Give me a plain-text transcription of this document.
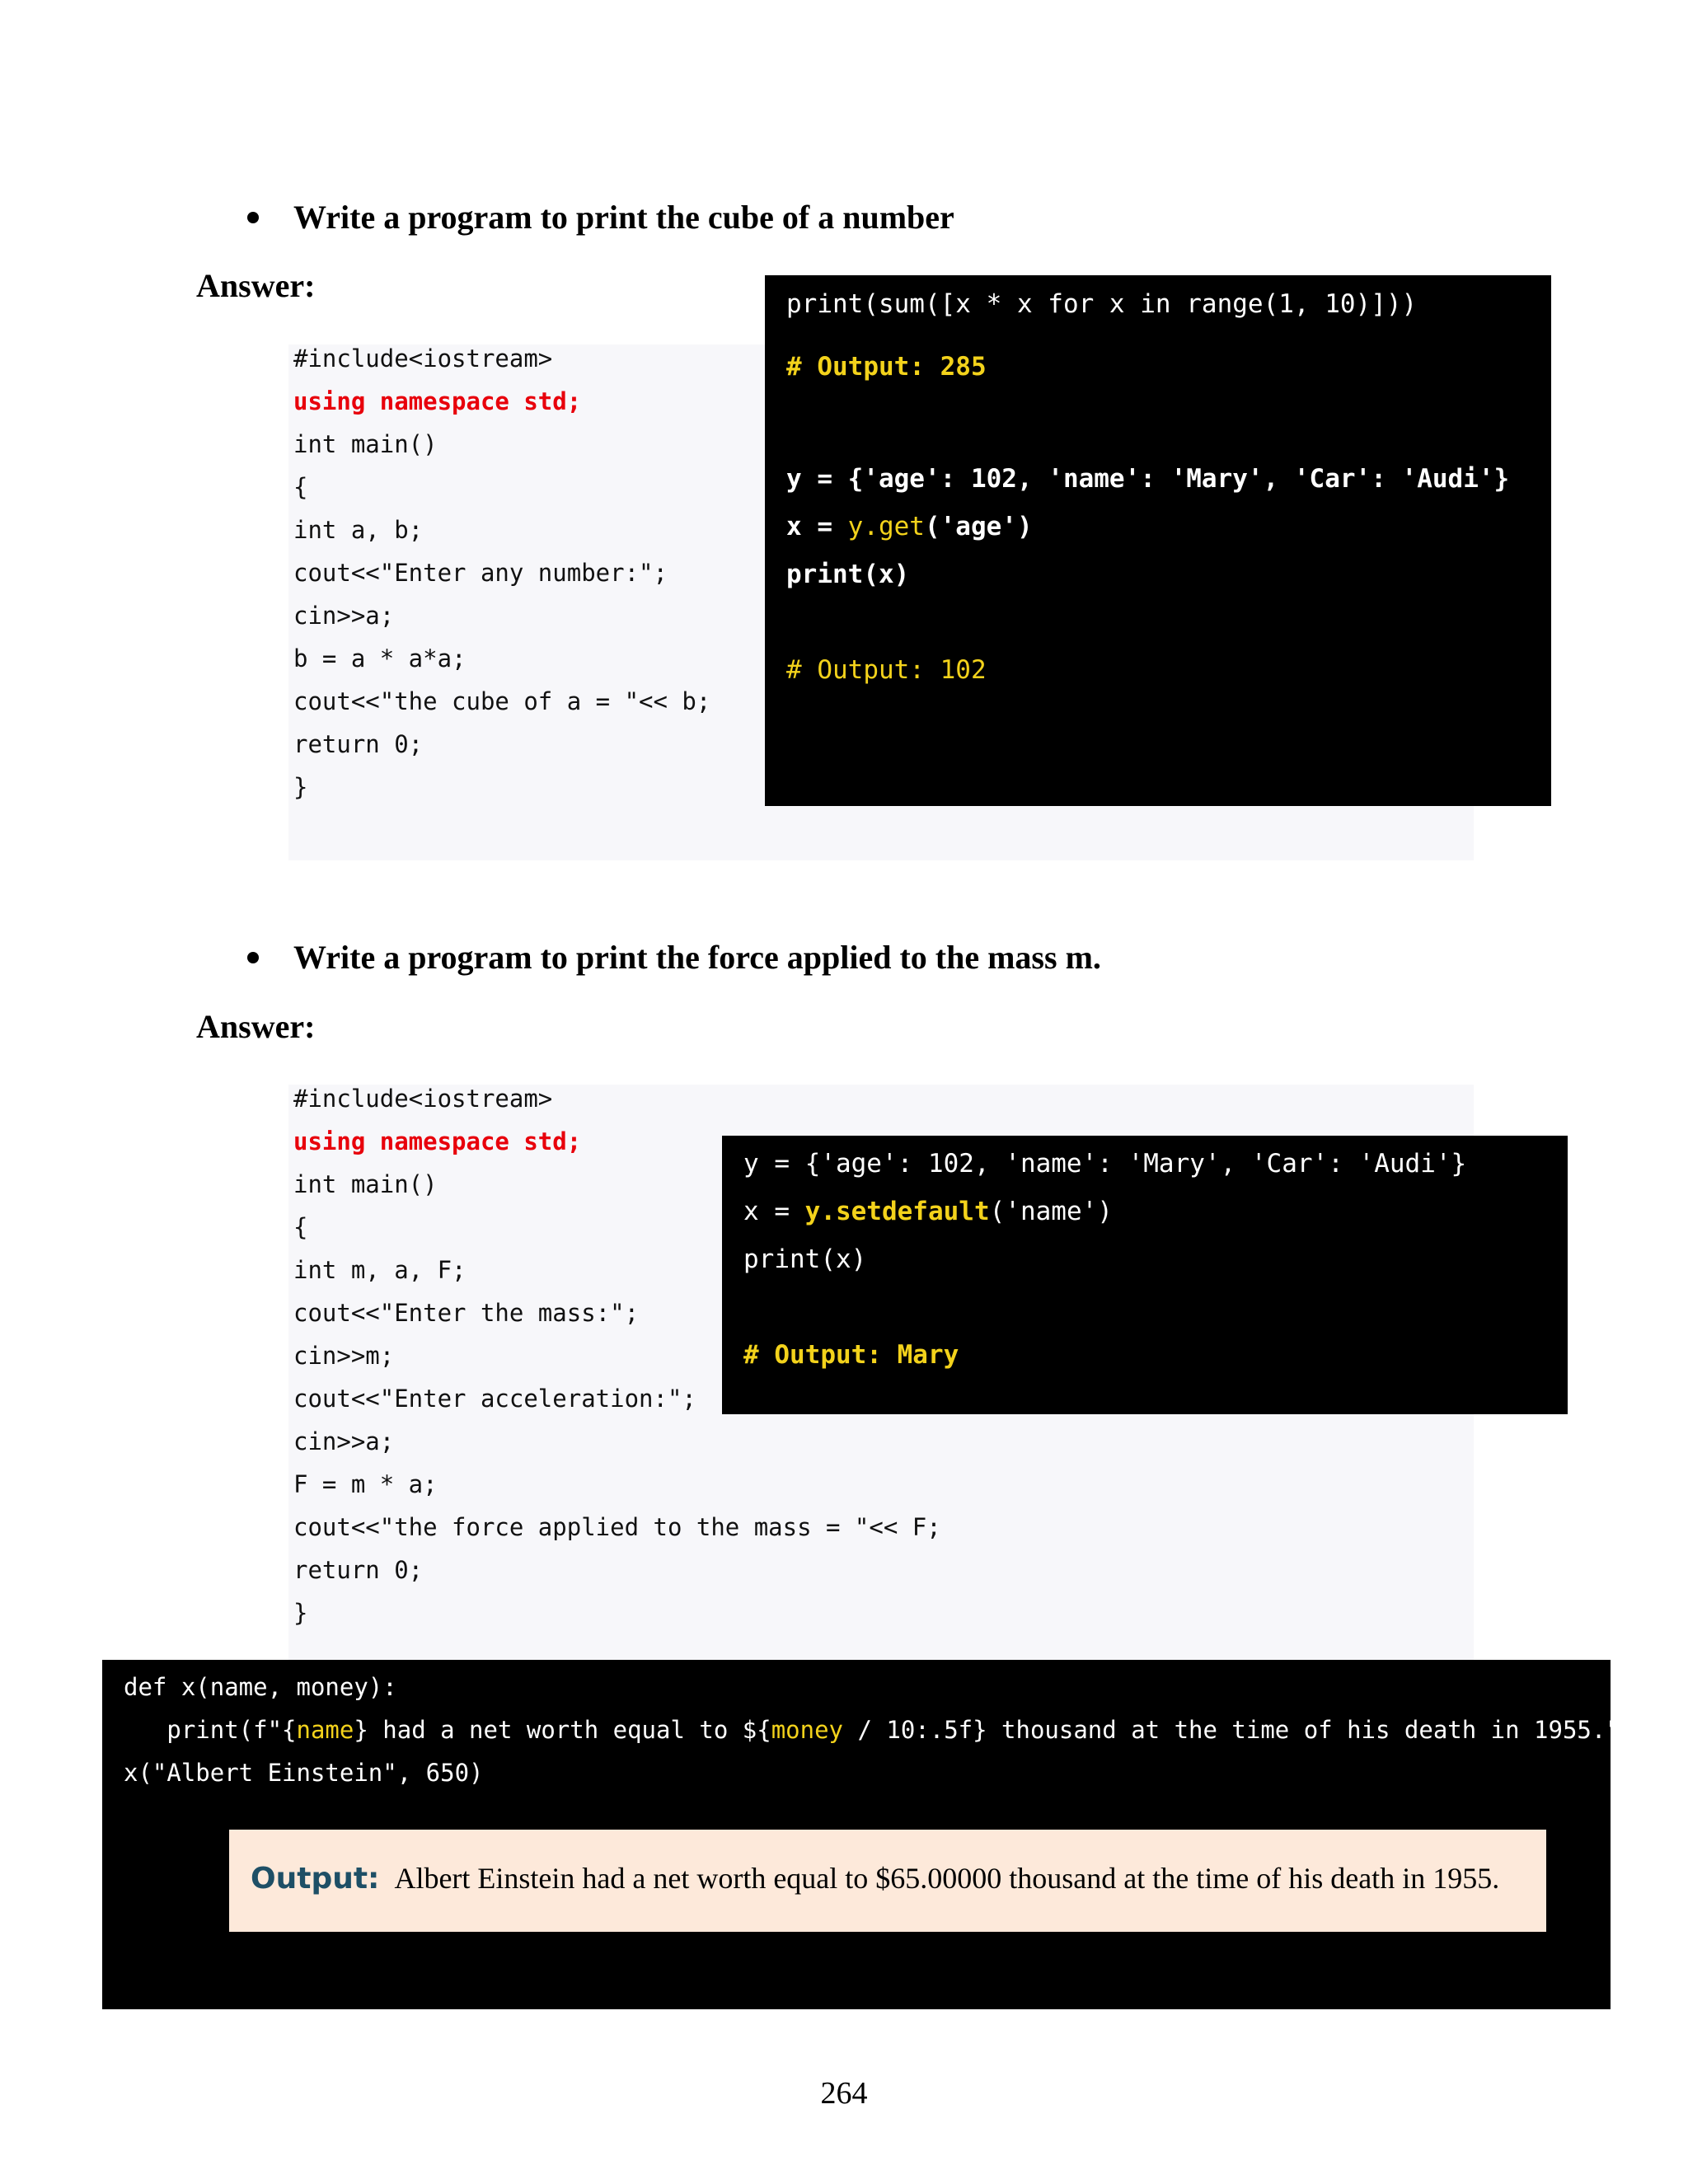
Write a program to print the cube of a number
Answer:
#include<iostream>
using namespace std;
int main()
{
int a, b;
cout<<"Enter any number:";
cin>>a;
b = a * a*a;
cout<<"the cube of a = "<< b;
return 0;
}
print(sum([x * x for x in range(1, 10)]))
# Output: 285
y = {'age': 102, 'name': 'Mary', 'Car': 'Audi'}
x = y.get('age')
print(x)
# Output: 102
Write a program to print the force applied to the mass m.
Answer:
#include<iostream>
using namespace std;
int main()
{
int m, a, F;
cout<<"Enter the mass:";
cin>>m;
cout<<"Enter acceleration:";
cin>>a;
F = m * a;
cout<<"the force applied to the mass = "<< F;
return 0;
}
y = {'age': 102, 'name': 'Mary', 'Car': 'Audi'}
x = y.setdefault('name')
print(x)
# Output: Mary
def x(name, money):
print(f"{name} had a net worth equal to ${money / 10:.5f} thousand at the time of his death in 1955.")
x("Albert Einstein", 650)
Output: Albert Einstein had a net worth equal to $65.00000 thousand at the time of his death in 1955.
264
